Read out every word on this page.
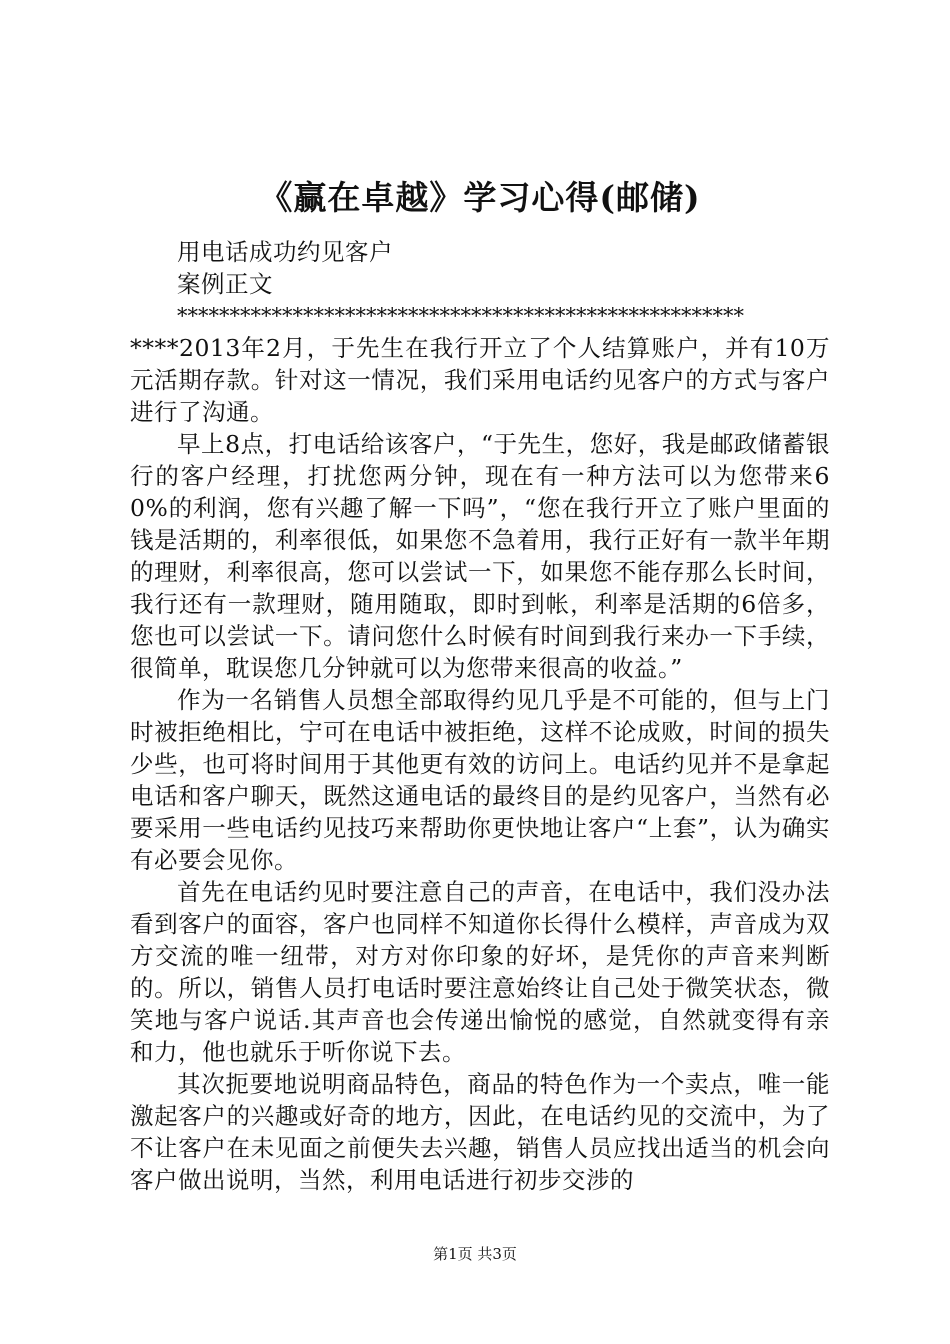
《赢在卓越》学习心得(邮储)

用电话成功约见客户

案例正文

******************************************************
****2013年2月，于先生在我行开立了个人结算账户，并有10万元活期存款。针对这一情况，我们采用电话约见客户的方式与客户进行了沟通。

早上8点，打电话给该客户，“于先生，您好，我是邮政储蓄银行的客户经理，打扰您两分钟，现在有一种方法可以为您带来60%的利润，您有兴趣了解一下吗”，“您在我行开立了账户里面的钱是活期的，利率很低，如果您不急着用，我行正好有一款半年期的理财，利率很高，您可以尝试一下，如果您不能存那么长时间，我行还有一款理财，随用随取，即时到帐，利率是活期的6倍多，您也可以尝试一下。请问您什么时候有时间到我行来办一下手续，很简单，耽误您几分钟就可以为您带来很高的收益。”

作为一名销售人员想全部取得约见几乎是不可能的，但与上门时被拒绝相比，宁可在电话中被拒绝，这样不论成败，时间的损失少些，也可将时间用于其他更有效的访问上。电话约见并不是拿起电话和客户聊天，既然这通电话的最终目的是约见客户，当然有必要采用一些电话约见技巧来帮助你更快地让客户“上套”，认为确实有必要会见你。

首先在电话约见时要注意自己的声音，在电话中，我们没办法看到客户的面容，客户也同样不知道你长得什么模样，声音成为双方交流的唯一纽带，对方对你印象的好坏，是凭你的声音来判断的。所以，销售人员打电话时要注意始终让自己处于微笑状态，微笑地与客户说话.其声音也会传递出愉悦的感觉，自然就变得有亲和力，他也就乐于听你说下去。

其次扼要地说明商品特色，商品的特色作为一个卖点，唯一能激起客户的兴趣或好奇的地方，因此，在电话约见的交流中，为了不让客户在未见面之前便失去兴趣，销售人员应找出适当的机会向客户做出说明，当然，利用电话进行初步交涉的

第1页 共3页
